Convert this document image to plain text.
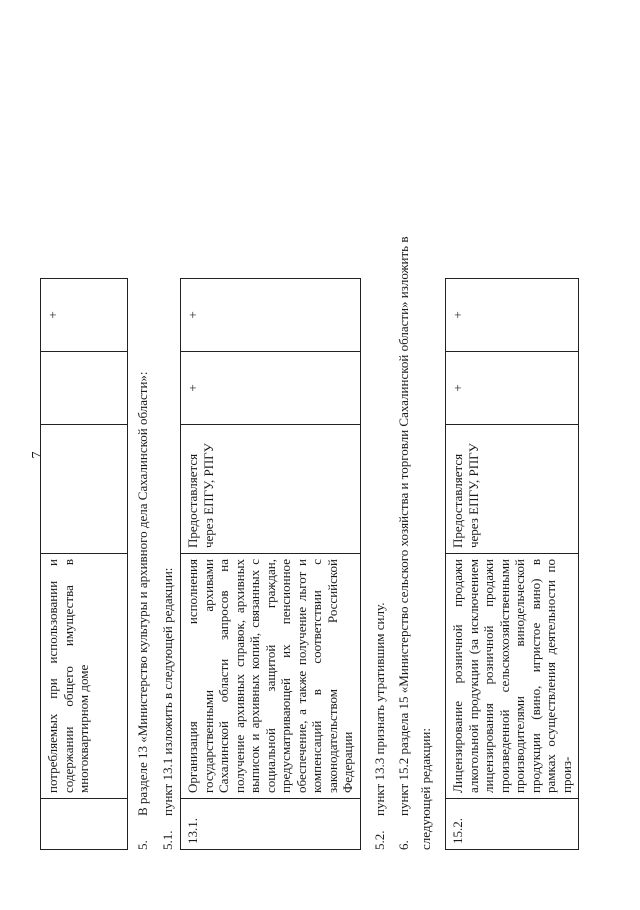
7
	потребляемых при использовании и содержании общего имущества в многоквартирном доме			+
5.В разделе 13 «Министерство культуры и архивного дела Сахалинской области»:
5.1.пункт 13.1 изложить в следующей редакции:
13.1.	Организация исполнения государственными архивами Сахалинской области запросов на получение архивных справок, архивных выписок и архивных копий, связанных с социальной защитой граждан, предусматривающей их пенсионное обеспечение, а также получение льгот и компенсаций в соответствии с законодательством Российской Федерации	Предоставляется через ЕПГУ, РПГУ	+	+
5.2.пункт 13.3 признать утратившим силу.
6.пункт 15.2 раздела 15 «Министерство сельского хозяйства и торговли Сахалинской области» изложить в следующей редакции: 15.2.	Лицензирование розничной продажи алкогольной продукции (за исключением лицензирования розничной продажи произведенной сельскохозяйственными производителями винодельческой продукции (вино, игристое вино) в рамках осуществления деятельности по произ-	Предоставляется через ЕПГУ, РПГУ	+	+
